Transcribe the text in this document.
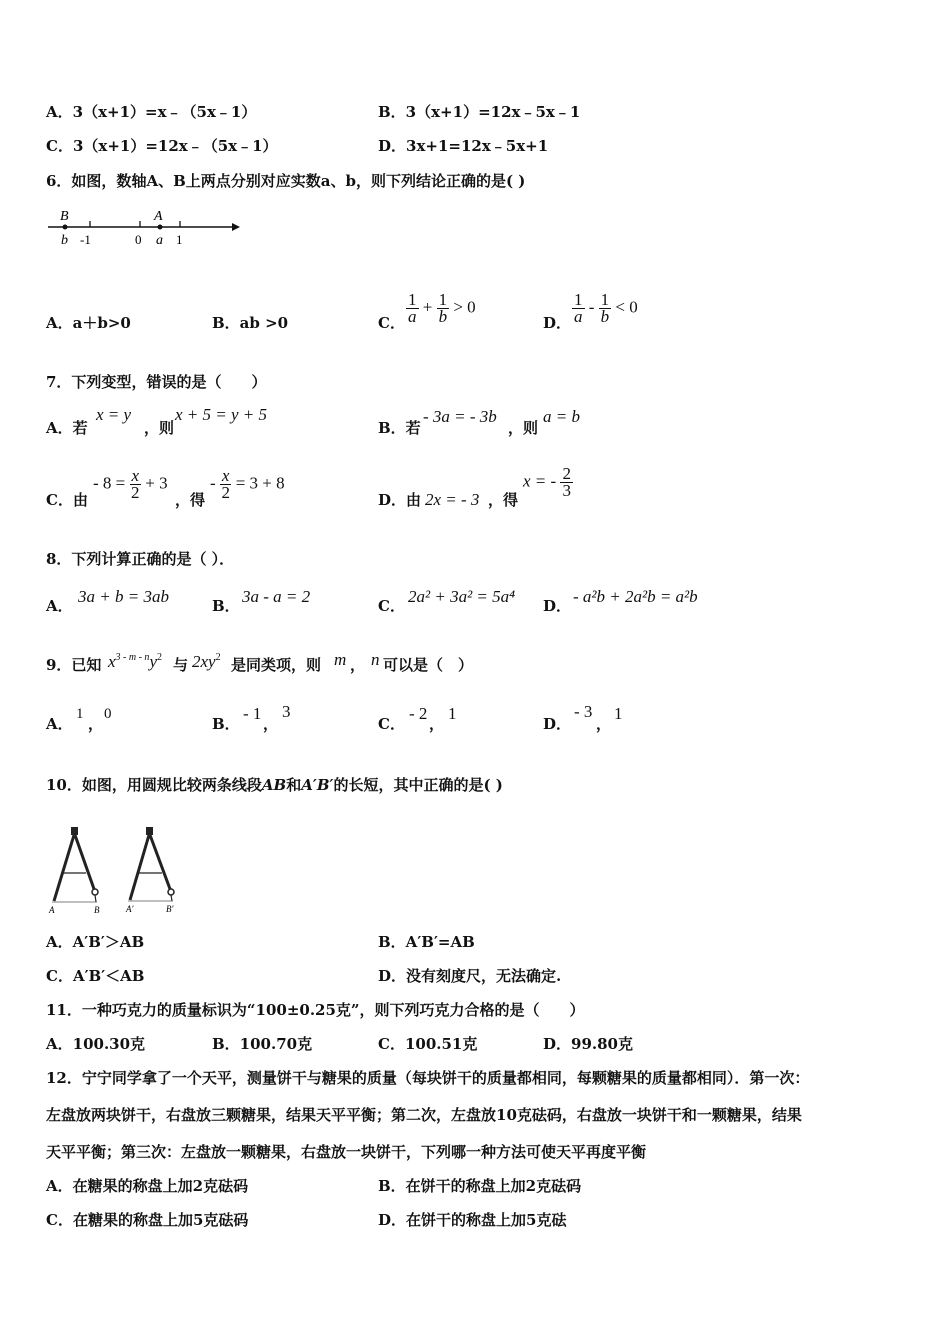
A．3（x+1）=x﹣（5x﹣1）	B．3（x+1）=12x﹣5x﹣1
C．3（x+1）=12x﹣（5x﹣1）	D．3x+1=12x﹣5x+1
6．如图，数轴A、B上两点分别对应实数a、b，则下列结论正确的是( )
B	A
b -1	0 a 1
A．a＋b>0	B．ab >0	C． $\frac{1}{a} + \frac{1}{b} > 0$
D． $\frac{1}{a} - \frac{1}{b} < 0$
7．下列变型，错误的是（　　）
A．若
x = y
，则
x + 5 = y + 5
B．若
- 3a = - 3b
，则
a = b
C．由
- $8 = \frac{x}{2} + 3$
，得
- $\frac{x}{2} = 3 + 8$
D．由 2x = - 3 ，得
x = - $\frac{2}{3}$
8．下列计算正确的是（ ）．
A． 3a + b = 3ab	B． 3a - a = 2	C． 2a² + 3a² = 5a⁴ D． - a²b + 2a²b = a²b
9．已知 $x^{3 - m - n}y^2$ 与 $2xy^2$ 是同类项，则 m ， n 可以是（　）
A．
1
，
0
B．
- 1
，
3
C．
- 2
，
1
D．
- 3
，
1
10．如图，用圆规比较两条线段AB和A′B′的长短，其中正确的是( )
A	B	A′	B′
A．A′B′＞AB	B．A′B′=AB
C．A′B′＜AB	D．没有刻度尺，无法确定.
11．一种巧克力的质量标识为“100±0.25克”，则下列巧克力合格的是（　　）
A．100.30克	B．100.70克	C．100.51克	D．99.80克
12．宁宁同学拿了一个天平，测量饼干与糖果的质量（每块饼干的质量都相同，每颗糖果的质量都相同）．第一次：
左盘放两块饼干，右盘放三颗糖果，结果天平平衡；第二次，左盘放10克砝码，右盘放一块饼干和一颗糖果，结果
天平平衡；第三次：左盘放一颗糖果，右盘放一块饼干，下列哪一种方法可使天平再度平衡
A．在糖果的称盘上加2克砝码	B．在饼干的称盘上加2克砝码
C．在糖果的称盘上加5克砝码	D．在饼干的称盘上加5克砝
